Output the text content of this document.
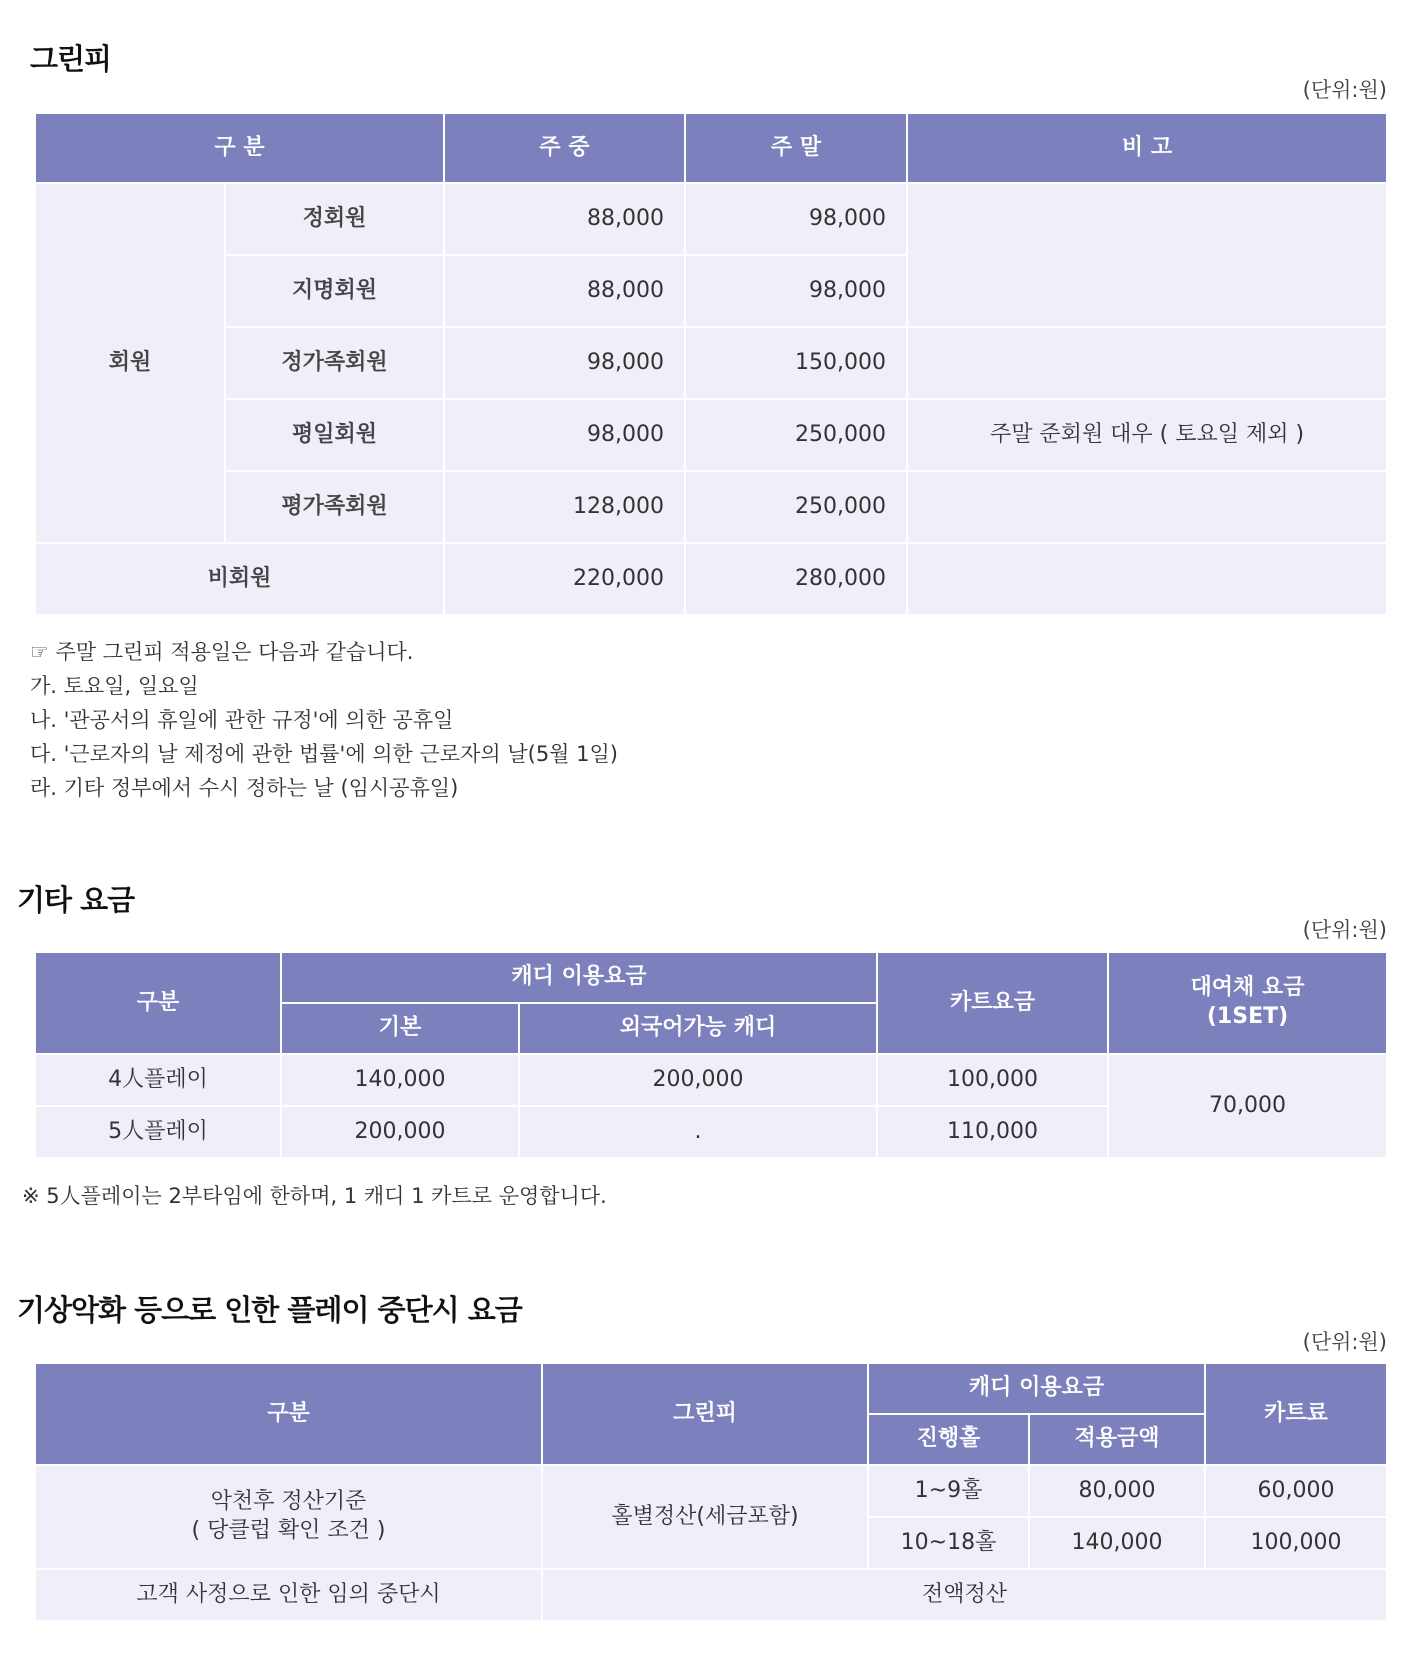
그린피
(단위:원)
구 분		주 중	주 말	비 고
회원	정회원	88,000	98,000	
	지명회원	88,000	98,000	
	정가족회원	98,000	150,000	
	평일회원	98,000	250,000	주말 준회원 대우 ( 토요일 제외 )
	평가족회원	128,000	250,000	
비회원		220,000	280,000	
☞ 주말 그린피 적용일은 다음과 같습니다.
가. 토요일, 일요일
나. '관공서의 휴일에 관한 규정'에 의한 공휴일
다. '근로자의 날 제정에 관한 법률'에 의한 근로자의 날(5월 1일)
라. 기타 정부에서 수시 정하는 날 (임시공휴일)
기타 요금
(단위:원)
구분	캐디 이용요금		카트요금	대여채 요금
(1SET)
	기본	외국어가능 캐디		
4人플레이	140,000	200,000	100,000	70,000
5人플레이	200,000	.	110,000	
※ 5人플레이는 2부타임에 한하며, 1 캐디 1 카트로 운영합니다.
기상악화 등으로 인한 플레이 중단시 요금
(단위:원)
구분	그린피	캐디 이용요금		카트료
		진행홀	적용금액	
악천후 정산기준
( 당클럽 확인 조건 )	홀별정산(세금포함)	1~9홀	80,000	60,000
		10~18홀	140,000	100,000
고객 사정으로 인한 임의 중단시	전액정산			
